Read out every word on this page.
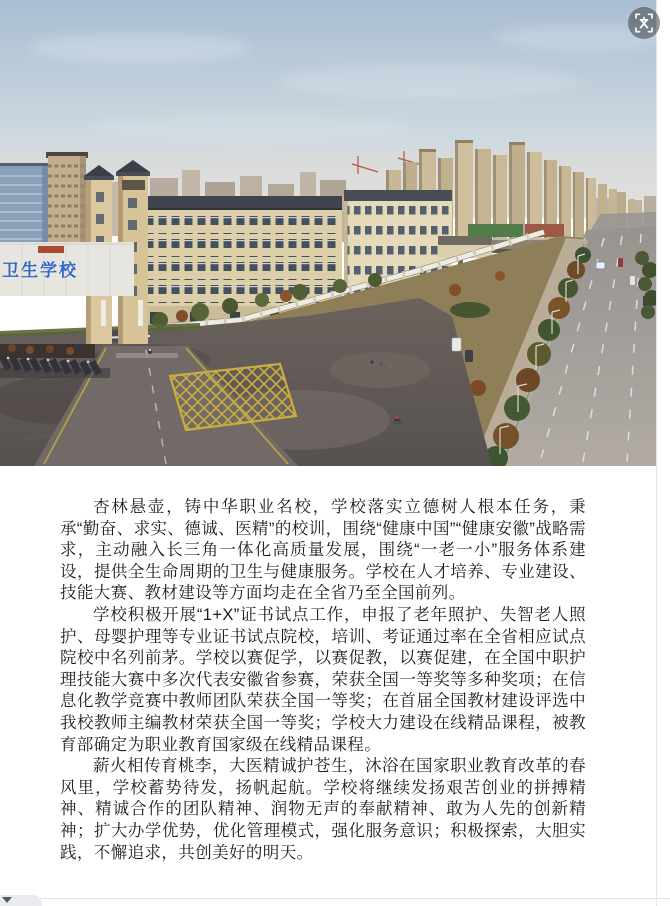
卫生学校

杏林悬壶，铸中华职业名校，学校落实立德树人根本任务，秉承“勤奋、求实、德诚、医精”的校训，围绕“健康中国”“健康安徽”战略需求，主动融入长三角一体化高质量发展，围绕“一老一小”服务体系建设，提供全生命周期的卫生与健康服务。学校在人才培养、专业建设、技能大赛、教材建设等方面均走在全省乃至全国前列。

学校积极开展“1+X”证书试点工作，申报了老年照护、失智老人照护、母婴护理等专业证书试点院校，培训、考证通过率在全省相应试点院校中名列前茅。学校以赛促学，以赛促教，以赛促建，在全国中职护理技能大赛中多次代表安徽省参赛，荣获全国一等奖等多种奖项；在信息化教学竞赛中教师团队荣获全国一等奖；在首届全国教材建设评选中我校教师主编教材荣获全国一等奖；学校大力建设在线精品课程，被教育部确定为职业教育国家级在线精品课程。

薪火相传育桃李，大医精诚护苍生，沐浴在国家职业教育改革的春风里，学校蓄势待发，扬帆起航。学校将继续发扬艰苦创业的拼搏精神、精诚合作的团队精神、润物无声的奉献精神、敢为人先的创新精神；扩大办学优势，优化管理模式，强化服务意识；积极探索，大胆实践，不懈追求，共创美好的明天。
